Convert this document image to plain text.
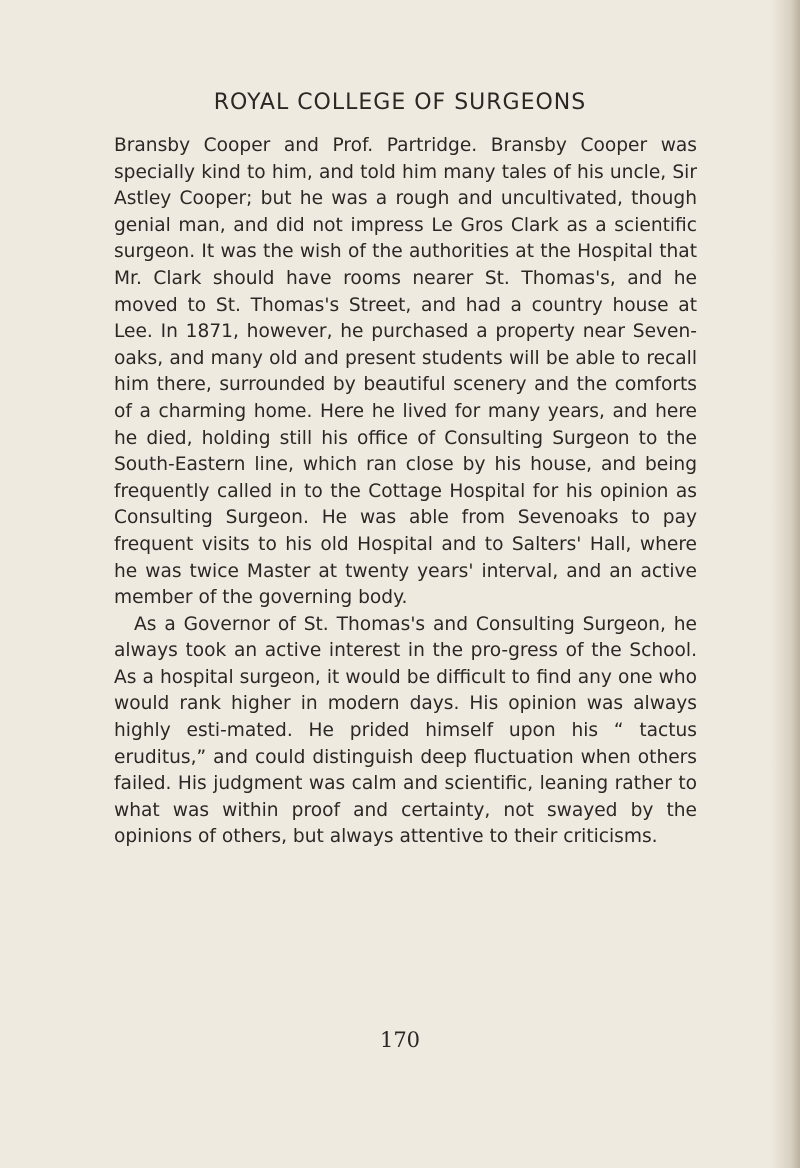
ROYAL COLLEGE OF SURGEONS

Bransby Cooper and Prof. Partridge. Bransby Cooper was specially kind to him, and told him many tales of his uncle, Sir Astley Cooper; but he was a rough and uncultivated, though genial man, and did not impress Le Gros Clark as a scientific surgeon. It was the wish of the authorities at the Hospital that Mr. Clark should have rooms nearer St. Thomas's, and he moved to St. Thomas's Street, and had a country house at Lee. In 1871, however, he purchased a property near Seven-oaks, and many old and present students will be able to recall him there, surrounded by beautiful scenery and the comforts of a charming home. Here he lived for many years, and here he died, holding still his office of Consulting Surgeon to the South-Eastern line, which ran close by his house, and being frequently called in to the Cottage Hospital for his opinion as Consulting Surgeon. He was able from Sevenoaks to pay frequent visits to his old Hospital and to Salters' Hall, where he was twice Master at twenty years' interval, and an active member of the governing body.

As a Governor of St. Thomas's and Consulting Surgeon, he always took an active interest in the pro-gress of the School. As a hospital surgeon, it would be difficult to find any one who would rank higher in modern days. His opinion was always highly esti-mated. He prided himself upon his “ tactus eruditus,” and could distinguish deep fluctuation when others failed. His judgment was calm and scientific, leaning rather to what was within proof and certainty, not swayed by the opinions of others, but always attentive to their criticisms.

170
